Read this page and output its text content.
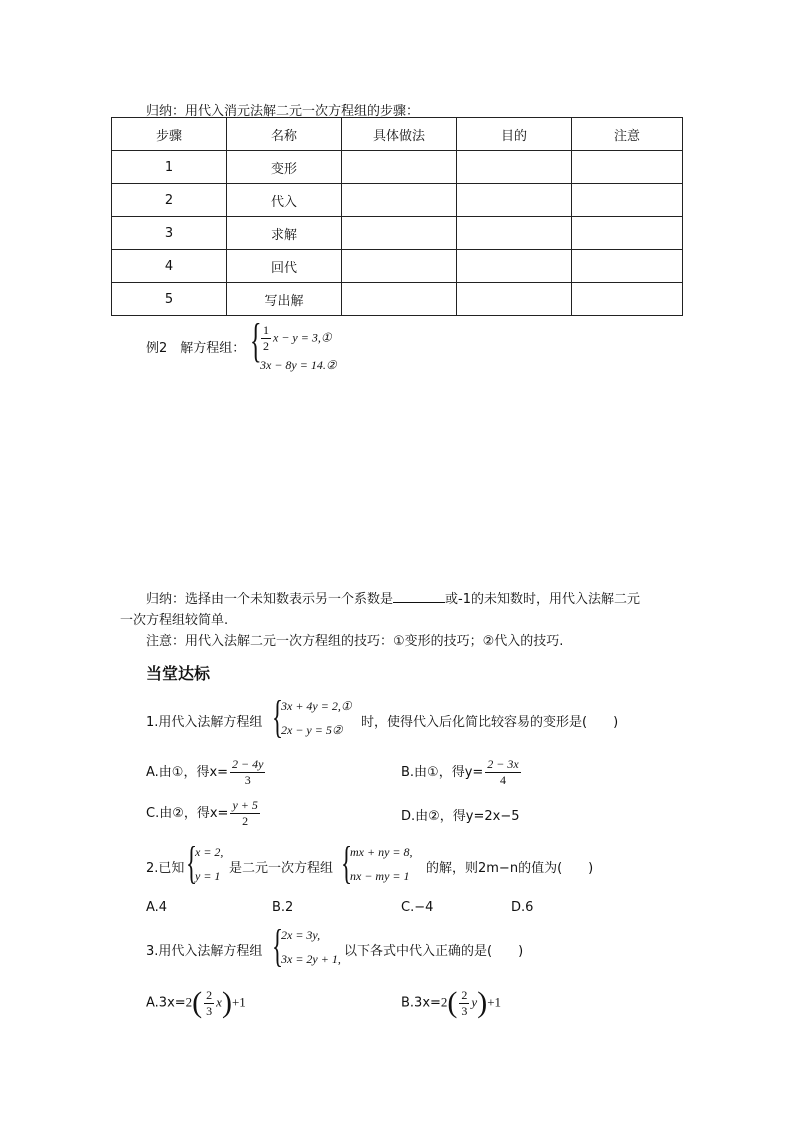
归纳：用代入消元法解二元一次方程组的步骤：
步骤	名称	具体做法	目的	注意
1	变形			
2	代入			
3	求解			
4	回代			
5	写出解			
例2　解方程组： { $\frac{1}{2}$ x − y = 3,①
3x − 8y = 14.②
归纳：选择由一个未知数表示另一个系数是	或-1的未知数时，用代入法解二元
一次方程组较简单.
注意：用代入法解二元一次方程组的技巧：①变形的技巧；②代入的技巧.
当堂达标
1.用代入法解方程组 {
3x + 4y = 2,①
2x − y = 5② 时，使得代入后化简比较容易的变形是(　　)
A.由①，得$x= \frac{2 - 4y}{3}$	B.由①，得$y= \frac{2 - 3x}{4}$
C.由②，得$x= \frac{y + 5}{2}$	D.由②，得y=2x−5
2.已知 {
x = 2,
y = 1 是二元一次方程组 {
mx + ny = 8,
nx − my = 1 的解，则2m−n的值为(　　)
A.4	B.2	C.−4	D.6
3.用代入法解方程组 {
2x = 3y,
3x = 2y + 1, 以下各式中代入正确的是(　　)
$A.3x=2( \frac{2}{3} x)+1$	$B.3x=2( \frac{2}{3} y)+1$
